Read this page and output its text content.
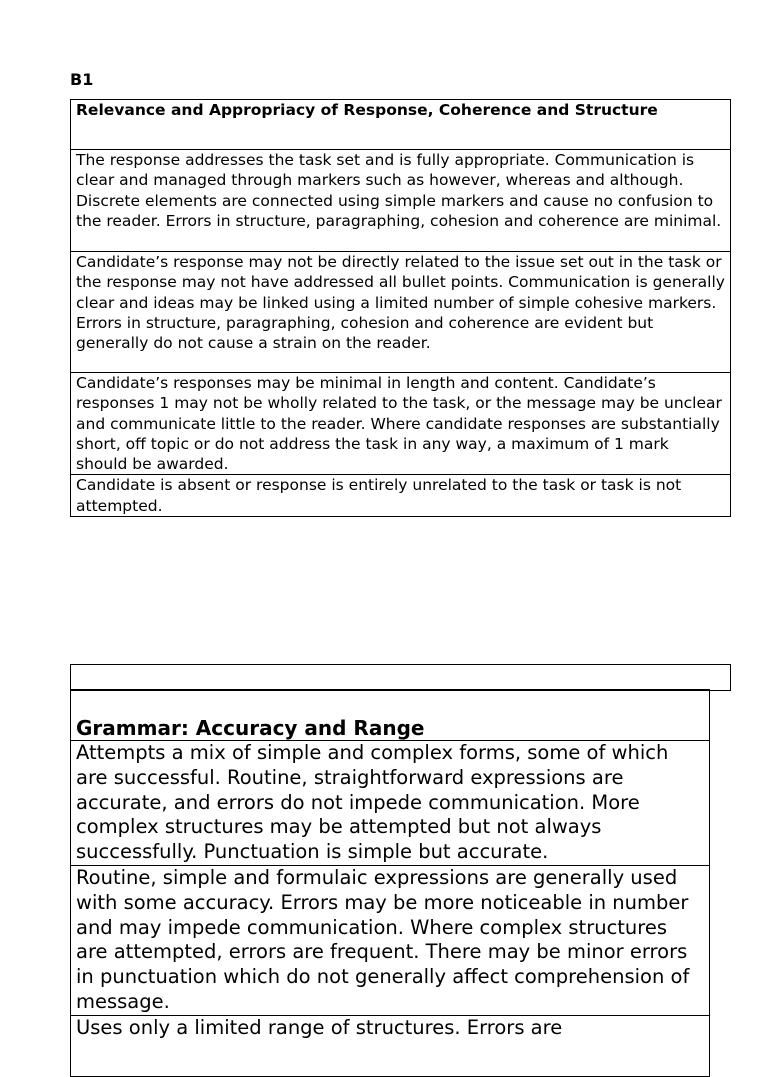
B1
Relevance and Appropriacy of Response, Coherence and Structure
The response addresses the task set and is fully appropriate. Communication is clear and managed through markers such as however, whereas and although. Discrete elements are connected using simple markers and cause no confusion to the reader. Errors in structure, paragraphing, cohesion and coherence are minimal.
Candidate’s response may not be directly related to the issue set out in the task or the response may not have addressed all bullet points. Communication is generally clear and ideas may be linked using a limited number of simple cohesive markers. Errors in structure, paragraphing, cohesion and coherence are evident but generally do not cause a strain on the reader.
Candidate’s responses may be minimal in length and content. Candidate’s responses 1 may not be wholly related to the task, or the message may be unclear and communicate little to the reader. Where candidate responses are substantially short, off topic or do not address the task in any way, a maximum of 1 mark should be awarded.
Candidate is absent or response is entirely unrelated to the task or task is not attempted.
Grammar: Accuracy and Range
Attempts a mix of simple and complex forms, some of which are successful. Routine, straightforward expressions are accurate, and errors do not impede communication. More complex structures may be attempted but not always successfully. Punctuation is simple but accurate.
Routine, simple and formulaic expressions are generally used with some accuracy. Errors may be more noticeable in number and may impede communication. Where complex structures are attempted, errors are frequent. There may be minor errors in punctuation which do not generally affect comprehension of message.
Uses only a limited range of structures. Errors are
